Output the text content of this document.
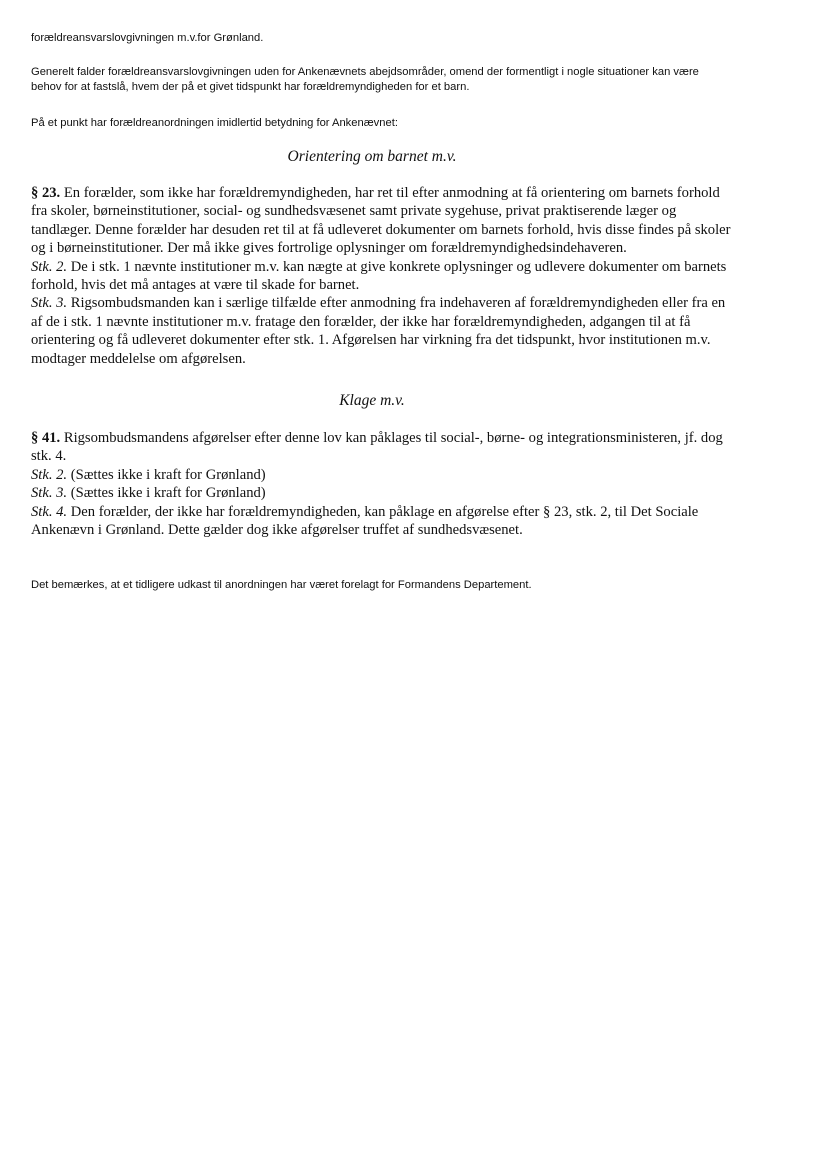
forældreansvarslovgivningen m.v.for Grønland.

Generelt falder forældreansvarslovgivningen uden for Ankenævnets abejdsområder, omend der formentligt i nogle situationer kan være behov for at fastslå, hvem der på et givet tidspunkt har forældremyndigheden for et barn.

På et punkt har forældreanordningen imidlertid betydning for Ankenævnet:

Orientering om barnet m.v.

§ 23. En forælder, som ikke har forældremyndigheden, har ret til efter anmodning at få orientering om barnets forhold fra skoler, børneinstitutioner, social- og sundhedsvæsenet samt private sygehuse, privat praktiserende læger og tandlæger. Denne forælder har desuden ret til at få udleveret dokumenter om barnets forhold, hvis disse findes på skoler og i børneinstitutioner. Der må ikke gives fortrolige oplysninger om forældremyndighedsindehaveren.

Stk. 2. De i stk. 1 nævnte institutioner m.v. kan nægte at give konkrete oplysninger og udlevere dokumenter om barnets forhold, hvis det må antages at være til skade for barnet.

Stk. 3. Rigsombudsmanden kan i særlige tilfælde efter anmodning fra indehaveren af forældremyndigheden eller fra en af de i stk. 1 nævnte institutioner m.v. fratage den forælder, der ikke har forældremyndigheden, adgangen til at få orientering og få udleveret dokumenter efter stk. 1. Afgørelsen har virkning fra det tidspunkt, hvor institutionen m.v. modtager meddelelse om afgørelsen.

Klage m.v.

§ 41. Rigsombudsmandens afgørelser efter denne lov kan påklages til social-, børne- og integrationsministeren, jf. dog stk. 4.

Stk. 2. (Sættes ikke i kraft for Grønland)

Stk. 3. (Sættes ikke i kraft for Grønland)

Stk. 4. Den forælder, der ikke har forældremyndigheden, kan påklage en afgørelse efter § 23, stk. 2, til Det Sociale Ankenævn i Grønland. Dette gælder dog ikke afgørelser truffet af sundhedsvæsenet.

Det bemærkes, at et tidligere udkast til anordningen har været forelagt for Formandens Departement.
